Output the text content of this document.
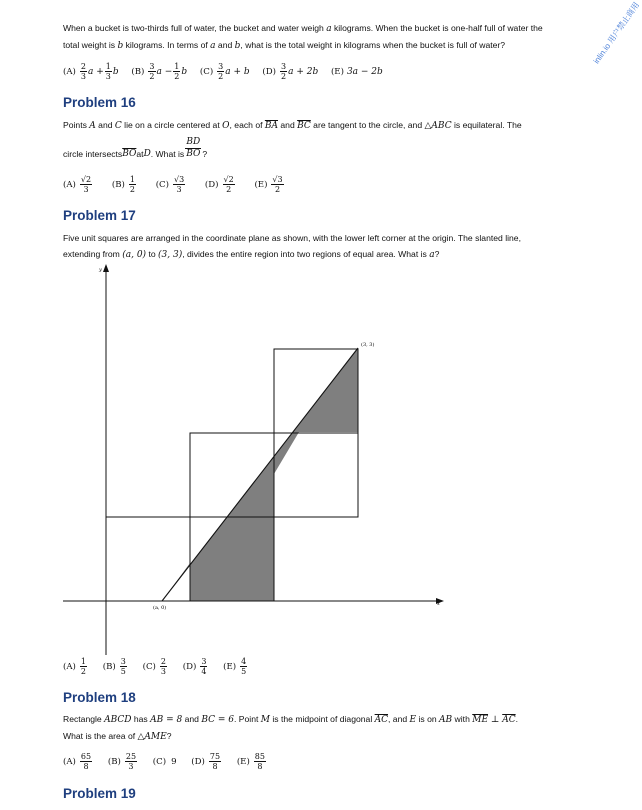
inlin.io 用户禁止商用
When a bucket is two-thirds full of water, the bucket and water weigh a kilograms. When the bucket is one-half full of water the
total weight is b kilograms. In terms of a and b, what is the total weight in kilograms when the bucket is full of water?
$(A) \frac{2}{3}$ $a + \frac{1}{3}$ b
$(B) \frac{3}{2}$ $a - \frac{1}{2}$ b
$(C) \frac{3}{2}$ a + b
$(D) \frac{3}{2}$ a + 2b
(E) 3a − 2b
Problem 16
Points A and C lie on a circle centered at O, each of $\overline{BA}$ and $\overline{BC}$ are tangent to the circle, and △ABC is equilateral. The
circle $intersects\overline{BO}atD$. What is $\frac{BD}{BO}$ ?
$(A) \frac{√2}{3}$
$(B) \frac{1}{2}$
$(C) \frac{√3}{3}$
$(D) \frac{√2}{2}$
$(E) \frac{√3}{2}$
Problem 17
Five unit squares are arranged in the coordinate plane as shown, with the lower left corner at the origin. The slanted line,
extending from (a, 0) to (3, 3), divides the entire region into two regions of equal area. What is a?
y
x
(a, 0)
(3, 3)
$(A) \frac{1}{2}$
$(B) \frac{3}{5}$
$(C) \frac{2}{3}$
$(D) \frac{3}{4}$
$(E) \frac{4}{5}$
Problem 18
Rectangle ABCD has AB = 8 and BC = 6. Point M is the midpoint of diagonal $\overline{AC}$, and E is on AB with $\overline{ME}$ ⊥ $\overline{AC}$.
What is the area of △AME?
$(A) \frac{65}{8}$
$(B) \frac{25}{3}$
(C) 9
$(D) \frac{75}{8}$
$(E) \frac{85}{8}$
Problem 19
